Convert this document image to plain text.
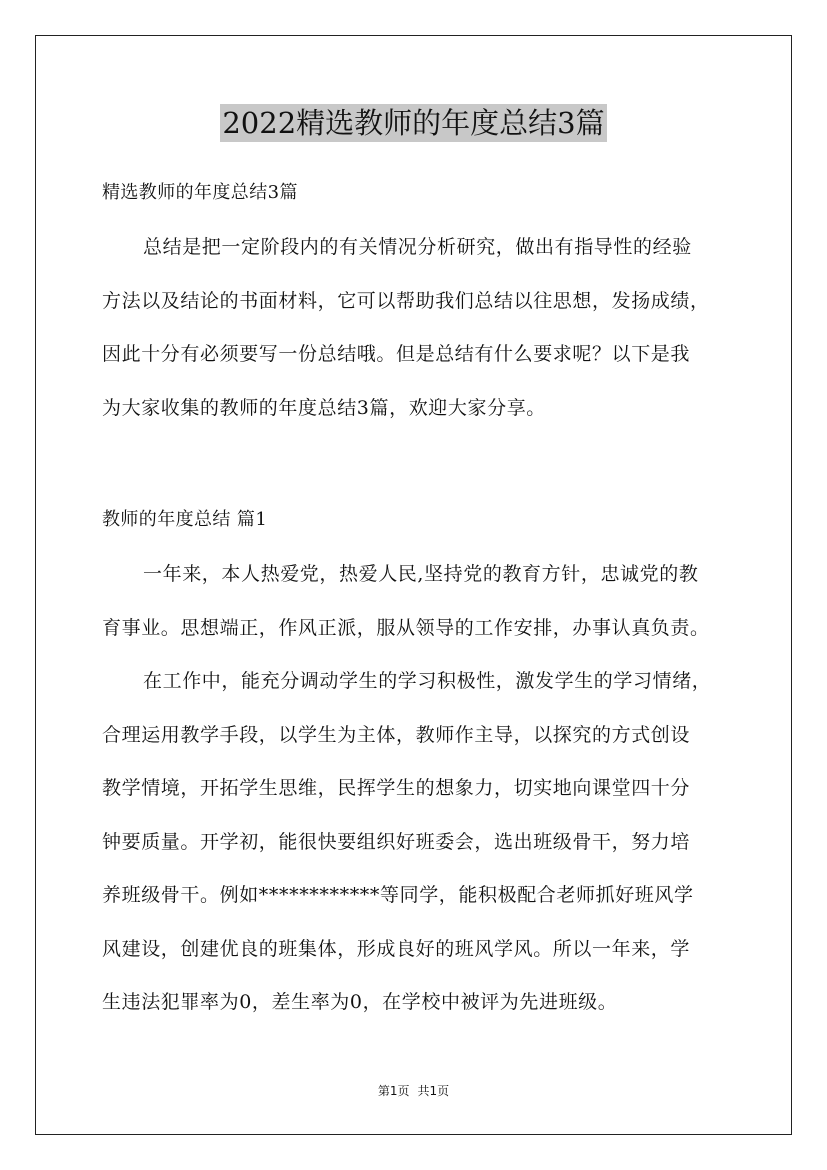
2022精选教师的年度总结3篇
精选教师的年度总结3篇
总结是把一定阶段内的有关情况分析研究，做出有指导性的经验
方法以及结论的书面材料，它可以帮助我们总结以往思想，发扬成绩，
因此十分有必须要写一份总结哦。但是总结有什么要求呢？以下是我
为大家收集的教师的年度总结3篇，欢迎大家分享。
教师的年度总结 篇1
一年来，本人热爱党，热爱人民,坚持党的教育方针，忠诚党的教
育事业。思想端正，作风正派，服从领导的工作安排，办事认真负责。
在工作中，能充分调动学生的学习积极性，激发学生的学习情绪，
合理运用教学手段，以学生为主体，教师作主导，以探究的方式创设
教学情境，开拓学生思维，民挥学生的想象力，切实地向课堂四十分
钟要质量。开学初，能很快要组织好班委会，选出班级骨干，努力培
养班级骨干。例如************等同学，能积极配合老师抓好班风学
风建设，创建优良的班集体，形成良好的班风学风。所以一年来，学
生违法犯罪率为0，差生率为0，在学校中被评为先进班级。
第1页 共1页
